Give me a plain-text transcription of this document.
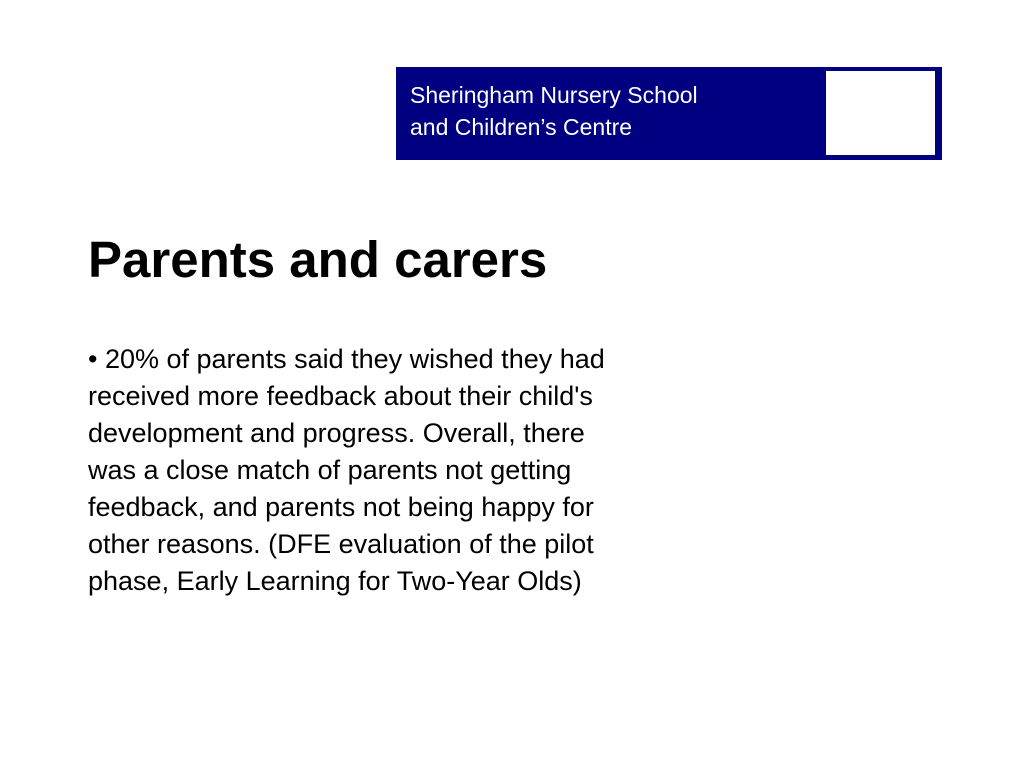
Sheringham Nursery School
and Children’s Centre
Parents and carers

• 20% of parents said they wished they had
received more feedback about their child's
development and progress. Overall, there
was a close match of parents not getting
feedback, and parents not being happy for
other reasons. (DFE evaluation of the pilot
phase, Early Learning for Two-Year Olds)
